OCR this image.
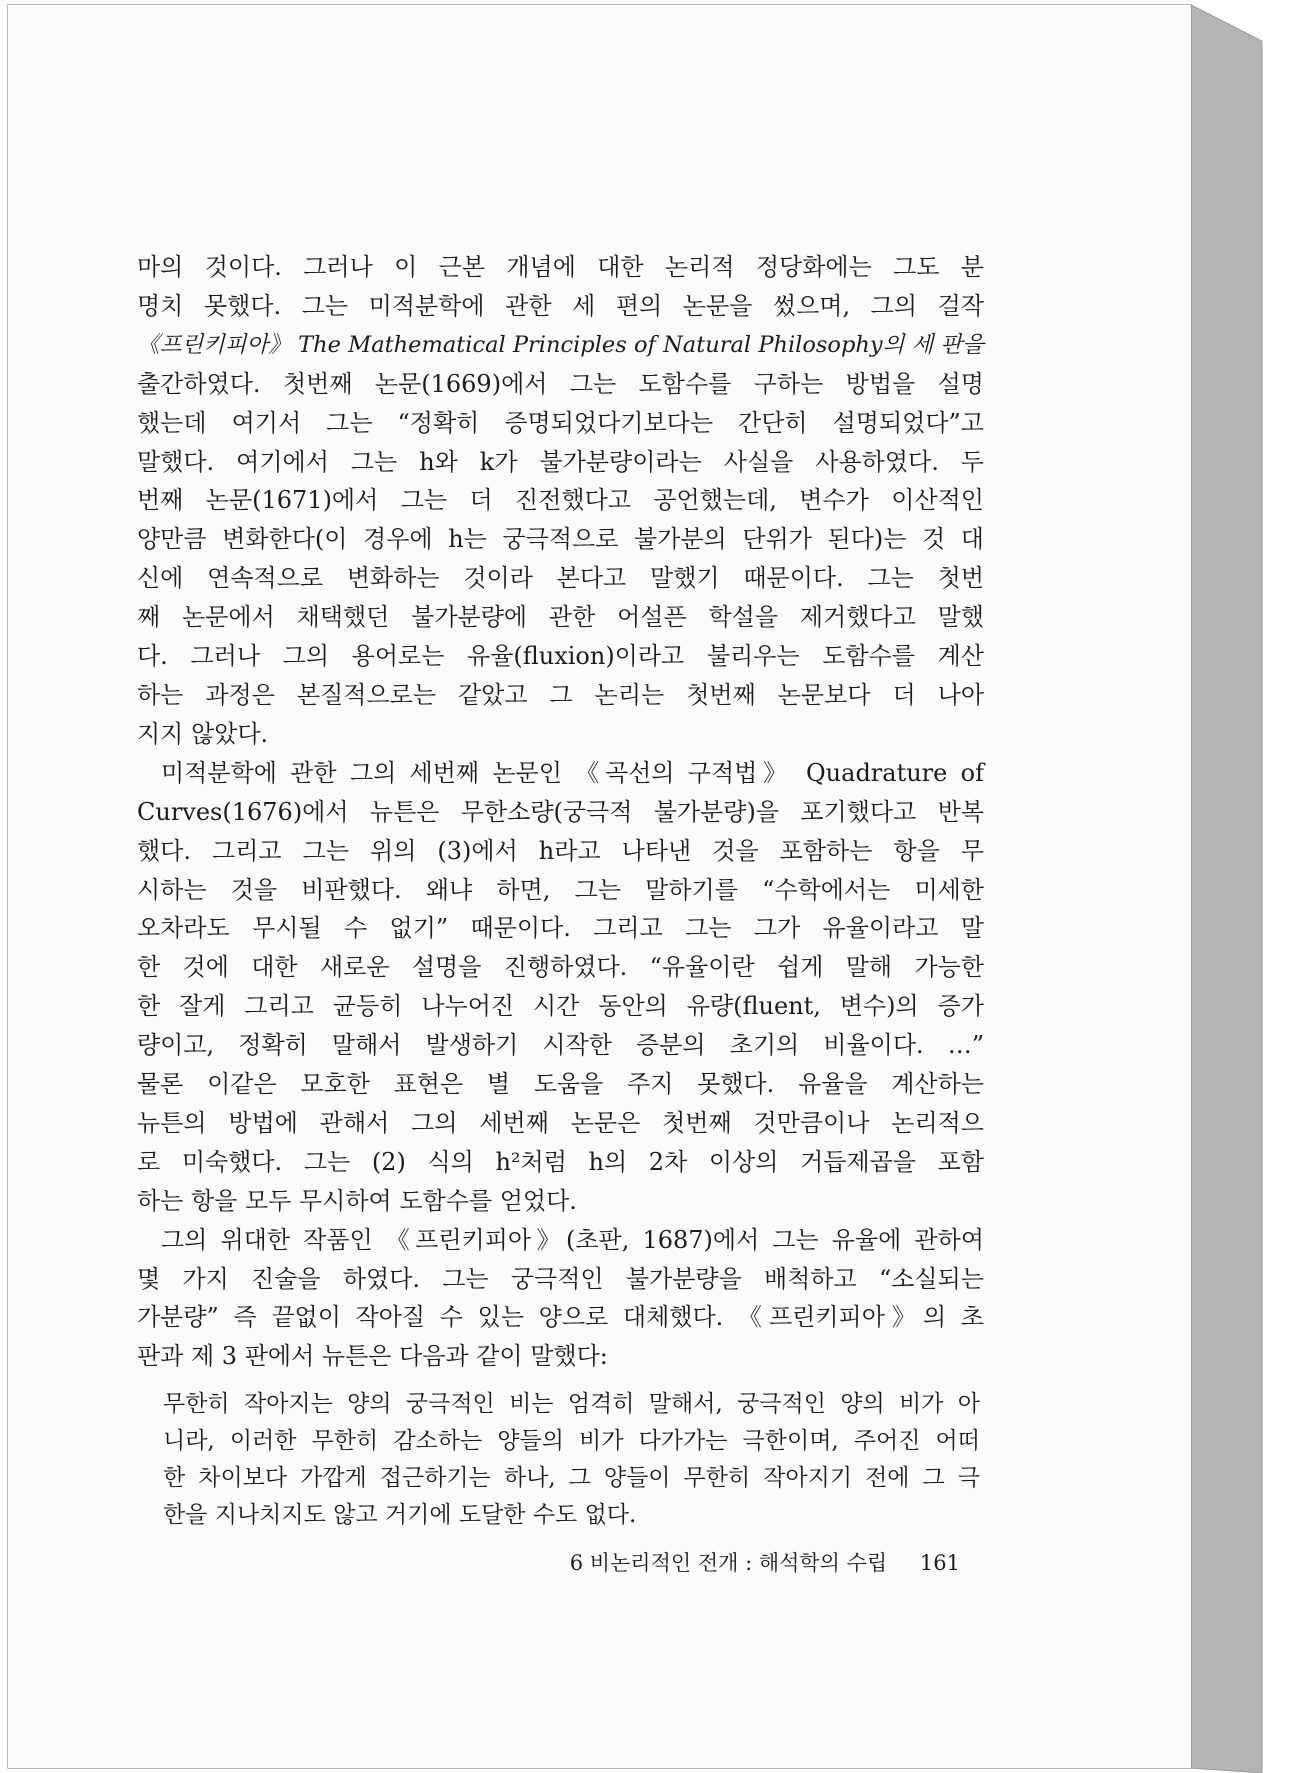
마의 것이다. 그러나 이 근본 개념에 대한 논리적 정당화에는 그도 분
명치 못했다. 그는 미적분학에 관한 세 편의 논문을 썼으며, 그의 걸작
《프린키피아》 The Mathematical Principles of Natural Philosophy의 세 판을
출간하였다. 첫번째 논문(1669)에서 그는 도함수를 구하는 방법을 설명
했는데 여기서 그는 “정확히 증명되었다기보다는 간단히 설명되었다”고
말했다. 여기에서 그는 h와 k가 불가분량이라는 사실을 사용하였다. 두
번째 논문(1671)에서 그는 더 진전했다고 공언했는데, 변수가 이산적인
양만큼 변화한다(이 경우에 h는 궁극적으로 불가분의 단위가 된다)는 것 대
신에 연속적으로 변화하는 것이라 본다고 말했기 때문이다. 그는 첫번
째 논문에서 채택했던 불가분량에 관한 어설픈 학설을 제거했다고 말했
다. 그러나 그의 용어로는 유율(fluxion)이라고 불리우는 도함수를 계산
하는 과정은 본질적으로는 같았고 그 논리는 첫번째 논문보다 더 나아
지지 않았다.

미적분학에 관한 그의 세번째 논문인 《곡선의 구적법》 Quadrature of
Curves(1676)에서 뉴튼은 무한소량(궁극적 불가분량)을 포기했다고 반복
했다. 그리고 그는 위의 (3)에서 h라고 나타낸 것을 포함하는 항을 무
시하는 것을 비판했다. 왜냐 하면, 그는 말하기를 “수학에서는 미세한
오차라도 무시될 수 없기” 때문이다. 그리고 그는 그가 유율이라고 말
한 것에 대한 새로운 설명을 진행하였다. “유율이란 쉽게 말해 가능한
한 잘게 그리고 균등히 나누어진 시간 동안의 유량(fluent, 변수)의 증가
량이고, 정확히 말해서 발생하기 시작한 증분의 초기의 비율이다. …”
물론 이같은 모호한 표현은 별 도움을 주지 못했다. 유율을 계산하는
뉴튼의 방법에 관해서 그의 세번째 논문은 첫번째 것만큼이나 논리적으
로 미숙했다. 그는 (2) 식의 h²처럼 h의 2차 이상의 거듭제곱을 포함
하는 항을 모두 무시하여 도함수를 얻었다.

그의 위대한 작품인 《프린키피아》(초판, 1687)에서 그는 유율에 관하여
몇 가지 진술을 하였다. 그는 궁극적인 불가분량을 배척하고 “소실되는
가분량” 즉 끝없이 작아질 수 있는 양으로 대체했다. 《프린키피아》의 초
판과 제 3 판에서 뉴튼은 다음과 같이 말했다:

무한히 작아지는 양의 궁극적인 비는 엄격히 말해서, 궁극적인 양의 비가 아
니라, 이러한 무한히 감소하는 양들의 비가 다가가는 극한이며, 주어진 어떠
한 차이보다 가깝게 접근하기는 하나, 그 양들이 무한히 작아지기 전에 그 극
한을 지나치지도 않고 거기에 도달한 수도 없다.

6 비논리적인 전개 : 해석학의 수립 161
